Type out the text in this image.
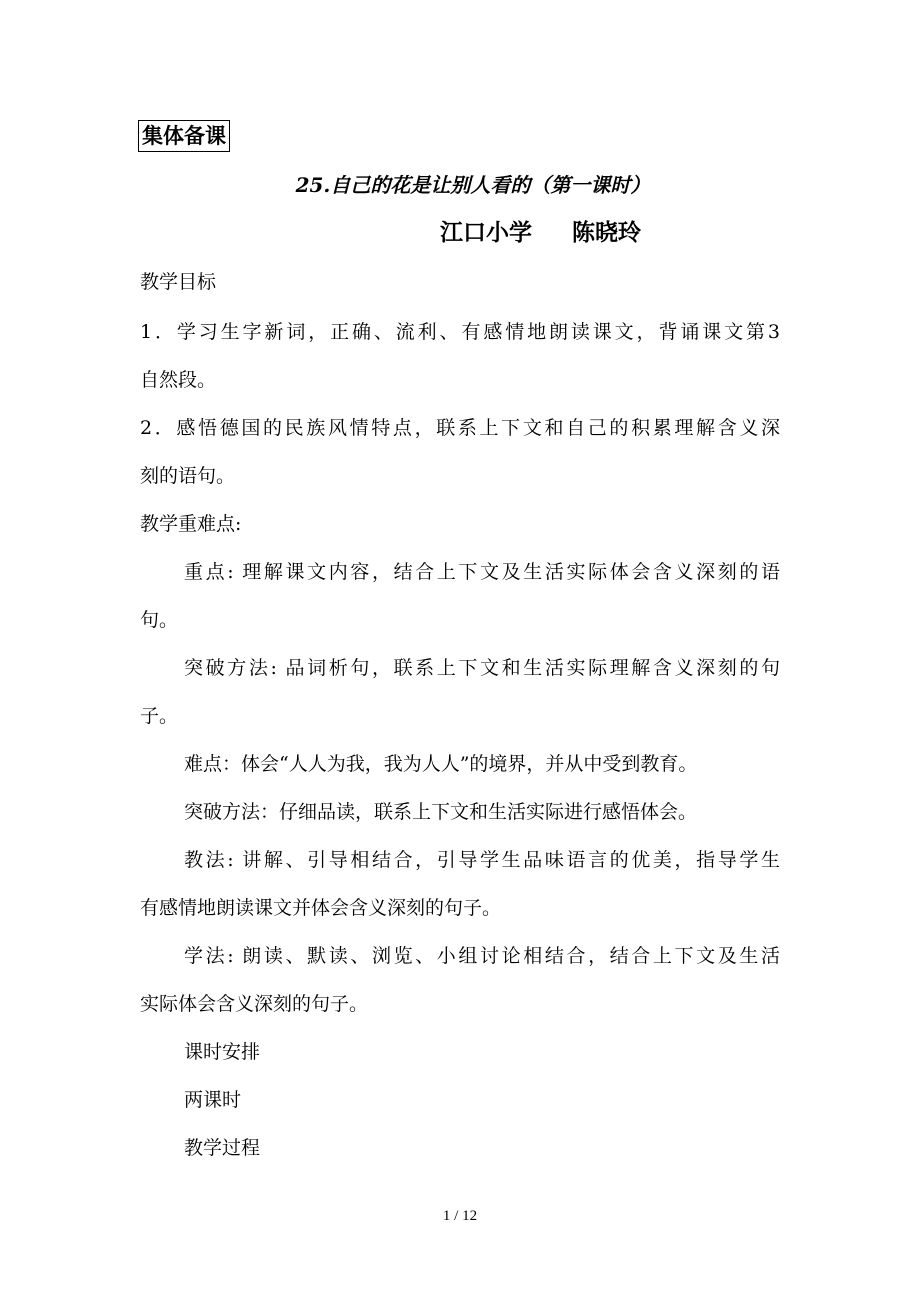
集体备课
25.自己的花是让别人看的（第一课时）
江口小学 陈晓玲
教学目标
1．学习生字新词，正确、流利、有感情地朗读课文，背诵课文第3
自然段。
2．感悟德国的民族风情特点，联系上下文和自己的积累理解含义深
刻的语句。
教学重难点:
重点: 理解课文内容，结合上下文及生活实际体会含义深刻的语
句。
突破方法: 品词析句，联系上下文和生活实际理解含义深刻的句
子。
难点：体会“人人为我，我为人人”的境界，并从中受到教育。
突破方法：仔细品读，联系上下文和生活实际进行感悟体会。
教法: 讲解、引导相结合，引导学生品味语言的优美，指导学生
有感情地朗读课文并体会含义深刻的句子。
学法: 朗读、默读、浏览、小组讨论相结合，结合上下文及生活
实际体会含义深刻的句子。
课时安排
两课时
教学过程
1 / 12
